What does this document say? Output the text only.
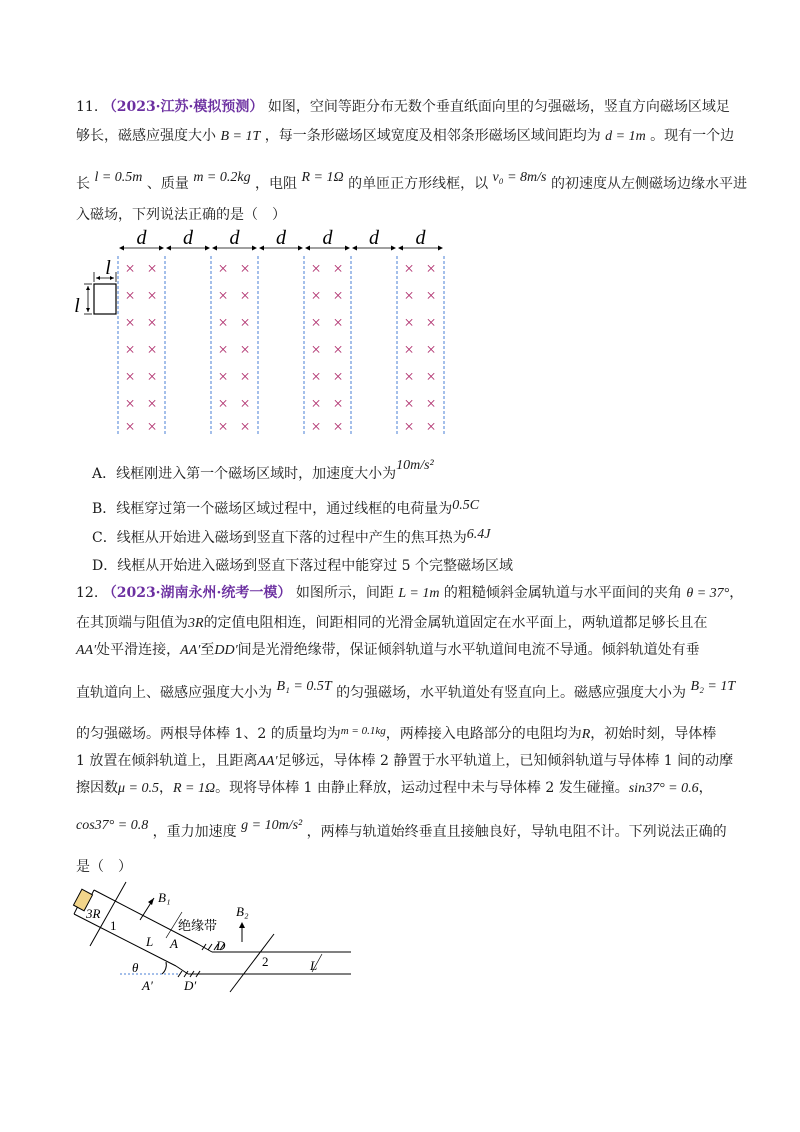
11. （2023·江苏·模拟预测） 如图，空间等距分布无数个垂直纸面向里的匀强磁场，竖直方向磁场区域足
够长，磁感应强度大小 B = 1T ，每一条形磁场区域宽度及相邻条形磁场区域间距均为 d = 1m 。现有一个边
长 l = 0.5m 、质量 m = 0.2kg ，电阻 R = 1Ω 的单匝正方形线框，以 v₀ = 8m/s 的初速度从左侧磁场边缘水平进
入磁场，下列说法正确的是（　）
× ×
× ×
× ×
× ×
× ×
× ×
× ×
× ×
× ×
× ×
× ×
× ×
× ×
× ×
× ×
× ×
× ×
× ×
× ×
× ×
× ×
× ×
× ×
× ×
× ×
× ×
× ×
× ×
d d d d d d d
l
l
A．线框刚进入第一个磁场区域时，加速度大小为10m/s²
B．线框穿过第一个磁场区域过程中，通过线框的电荷量为0.5C
C．线框从开始进入磁场到竖直下落的过程中产生的焦耳热为6.4J
D．线框从开始进入磁场到竖直下落过程中能穿过 5 个完整磁场区域
12. （2023·湖南永州·统考一模） 如图所示，间距 L = 1m 的粗糙倾斜金属轨道与水平面间的夹角 θ = 37°，
在其顶端与阻值为3R的定值电阻相连，间距相同的光滑金属轨道固定在水平面上，两轨道都足够长且在
AA′处平滑连接，AA′至DD′间是光滑绝缘带，保证倾斜轨道与水平轨道间电流不导通。倾斜轨道处有垂
直轨道向上、磁感应强度大小为 B₁ = 0.5T 的匀强磁场，水平轨道处有竖直向上。磁感应强度大小为 B₂ = 1T
的匀强磁场。两根导体棒 1、2 的质量均为$^{m = 0.1kg}$，两棒接入电路部分的电阻均为R，初始时刻，导体棒
1 放置在倾斜轨道上，且距离AA′足够远，导体棒 2 静置于水平轨道上，已知倾斜轨道与导体棒 1 间的动摩
擦因数μ = 0.5，R = 1Ω。现将导体棒 1 由静止释放，运动过程中未与导体棒 2 发生碰撞。sin37° = 0.6，
cos37° = 0.8 ，重力加速度 g = 10m/s² ，两棒与轨道始终垂直且接触良好，导轨电阻不计。下列说法正确的
是（　）
3R
B₁
B₂
1
2
绝缘带
A	D
A′ D′
θ
L
L
